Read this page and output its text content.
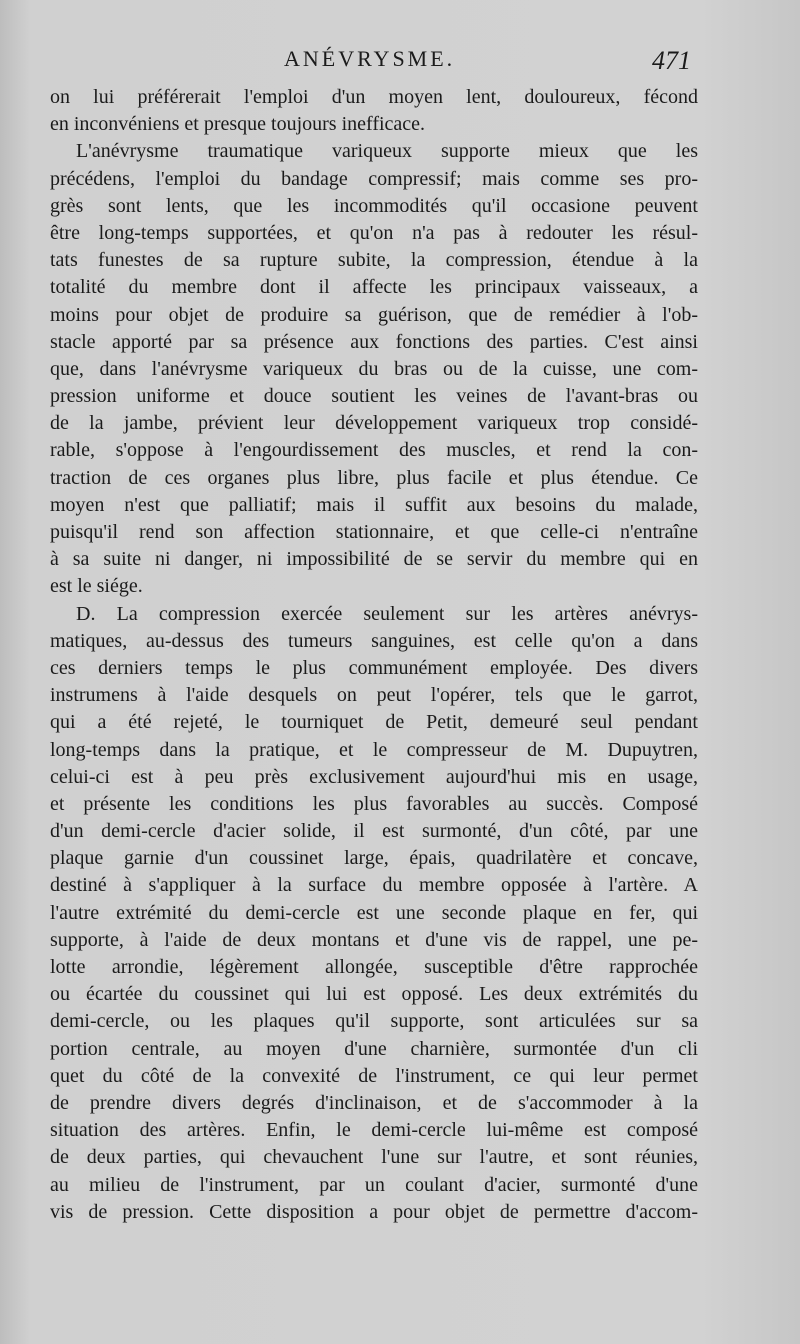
ANÉVRYSME.	471
on lui préférerait l'emploi d'un moyen lent, douloureux, fécond
en inconvéniens et presque toujours inefficace.
L'anévrysme traumatique variqueux supporte mieux que les
précédens, l'emploi du bandage compressif; mais comme ses pro-
grès sont lents, que les incommodités qu'il occasione peuvent
être long-temps supportées, et qu'on n'a pas à redouter les résul-
tats funestes de sa rupture subite, la compression, étendue à la
totalité du membre dont il affecte les principaux vaisseaux, a
moins pour objet de produire sa guérison, que de remédier à l'ob-
stacle apporté par sa présence aux fonctions des parties. C'est ainsi
que, dans l'anévrysme variqueux du bras ou de la cuisse, une com-
pression uniforme et douce soutient les veines de l'avant-bras ou
de la jambe, prévient leur développement variqueux trop considé-
rable, s'oppose à l'engourdissement des muscles, et rend la con-
traction de ces organes plus libre, plus facile et plus étendue. Ce
moyen n'est que palliatif; mais il suffit aux besoins du malade,
puisqu'il rend son affection stationnaire, et que celle-ci n'entraîne
à sa suite ni danger, ni impossibilité de se servir du membre qui en
est le siége.
D. La compression exercée seulement sur les artères anévrys-
matiques, au-dessus des tumeurs sanguines, est celle qu'on a dans
ces derniers temps le plus communément employée. Des divers
instrumens à l'aide desquels on peut l'opérer, tels que le garrot,
qui a été rejeté, le tourniquet de Petit, demeuré seul pendant
long-temps dans la pratique, et le compresseur de M. Dupuytren,
celui-ci est à peu près exclusivement aujourd'hui mis en usage,
et présente les conditions les plus favorables au succès. Composé
d'un demi-cercle d'acier solide, il est surmonté, d'un côté, par une
plaque garnie d'un coussinet large, épais, quadrilatère et concave,
destiné à s'appliquer à la surface du membre opposée à l'artère. A
l'autre extrémité du demi-cercle est une seconde plaque en fer, qui
supporte, à l'aide de deux montans et d'une vis de rappel, une pe-
lotte arrondie, légèrement allongée, susceptible d'être rapprochée
ou écartée du coussinet qui lui est opposé. Les deux extrémités du
demi-cercle, ou les plaques qu'il supporte, sont articulées sur sa
portion centrale, au moyen d'une charnière, surmontée d'un cli
quet du côté de la convexité de l'instrument, ce qui leur permet
de prendre divers degrés d'inclinaison, et de s'accommoder à la
situation des artères. Enfin, le demi-cercle lui-même est composé
de deux parties, qui chevauchent l'une sur l'autre, et sont réunies,
au milieu de l'instrument, par un coulant d'acier, surmonté d'une
vis de pression. Cette disposition a pour objet de permettre d'accom-
